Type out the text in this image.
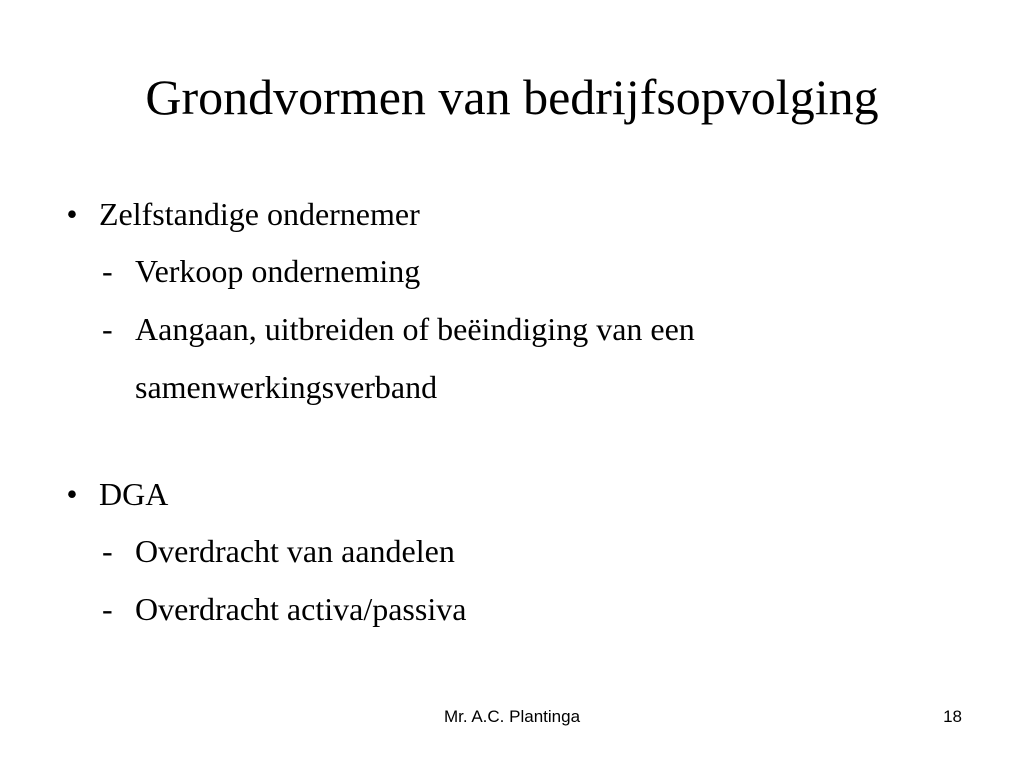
Grondvormen van bedrijfsopvolging
• Zelfstandige ondernemer
- Verkoop onderneming
- Aangaan, uitbreiden of beëindiging van een
samenwerkingsverband
• DGA
- Overdracht van aandelen
- Overdracht activa/passiva
Mr. A.C. Plantinga	18
